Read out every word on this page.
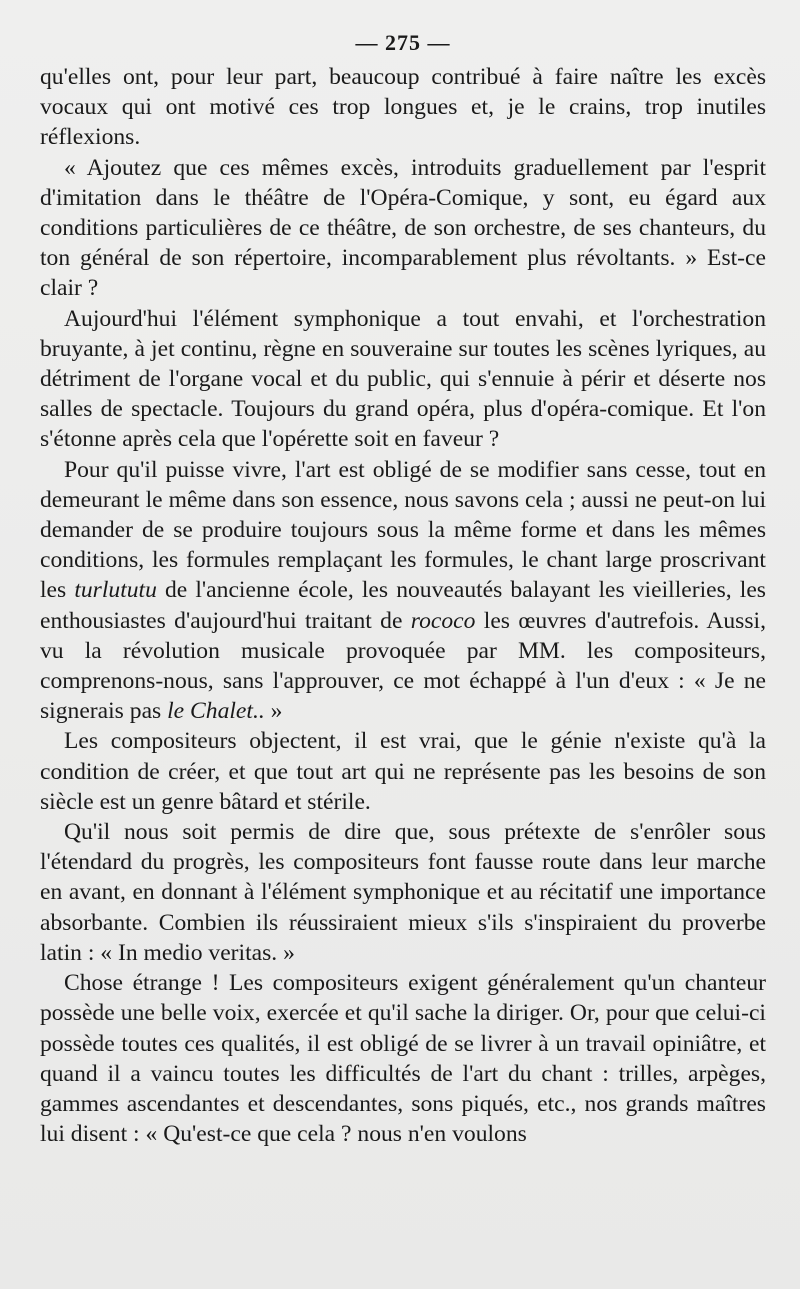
— 275 —

qu'elles ont, pour leur part, beaucoup contribué à faire naître les excès vocaux qui ont motivé ces trop longues et, je le crains, trop inutiles réflexions.

« Ajoutez que ces mêmes excès, introduits graduellement par l'esprit d'imitation dans le théâtre de l'Opéra-Comique, y sont, eu égard aux conditions particulières de ce théâtre, de son orchestre, de ses chanteurs, du ton général de son répertoire, incomparablement plus révoltants. » Est-ce clair ?

Aujourd'hui l'élément symphonique a tout envahi, et l'orchestration bruyante, à jet continu, règne en souveraine sur toutes les scènes lyriques, au détriment de l'organe vocal et du public, qui s'ennuie à périr et déserte nos salles de spectacle. Toujours du grand opéra, plus d'opéra-comique. Et l'on s'étonne après cela que l'opérette soit en faveur ?

Pour qu'il puisse vivre, l'art est obligé de se modifier sans cesse, tout en demeurant le même dans son essence, nous savons cela ; aussi ne peut-on lui demander de se produire toujours sous la même forme et dans les mêmes conditions, les formules remplaçant les formules, le chant large proscrivant les turlututu de l'ancienne école, les nouveautés balayant les vieilleries, les enthousiastes d'aujourd'hui traitant de rococo les œuvres d'autrefois. Aussi, vu la révolution musicale provoquée par MM. les compositeurs, comprenons-nous, sans l'approuver, ce mot échappé à l'un d'eux : « Je ne signerais pas le Chalet.. »

Les compositeurs objectent, il est vrai, que le génie n'existe qu'à la condition de créer, et que tout art qui ne représente pas les besoins de son siècle est un genre bâtard et stérile.

Qu'il nous soit permis de dire que, sous prétexte de s'enrôler sous l'étendard du progrès, les compositeurs font fausse route dans leur marche en avant, en donnant à l'élément symphonique et au récitatif une importance absorbante. Combien ils réussiraient mieux s'ils s'inspiraient du proverbe latin : « In medio veritas. »

Chose étrange ! Les compositeurs exigent généralement qu'un chanteur possède une belle voix, exercée et qu'il sache la diriger. Or, pour que celui-ci possède toutes ces qualités, il est obligé de se livrer à un travail opiniâtre, et quand il a vaincu toutes les difficultés de l'art du chant : trilles, arpèges, gammes ascendantes et descendantes, sons piqués, etc., nos grands maîtres lui disent : « Qu'est-ce que cela ? nous n'en voulons
